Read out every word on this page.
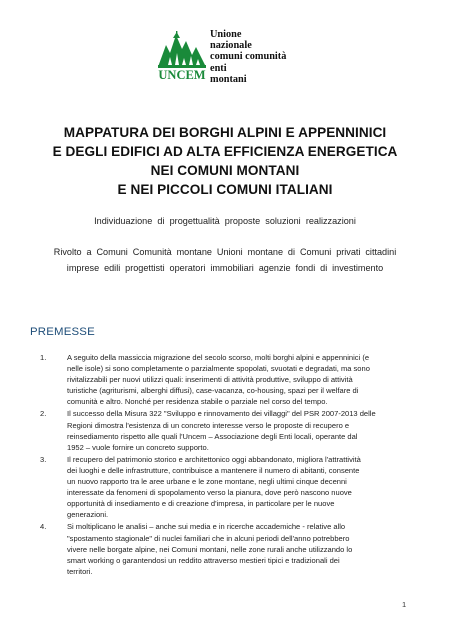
UNCEM
Unione
nazionale
comuni comunità
enti
montani
MAPPATURA DEI BORGHI ALPINI E APPENNINICI
E DEGLI EDIFICI AD ALTA EFFICIENZA ENERGETICA
NEI COMUNI MONTANI
E NEI PICCOLI COMUNI ITALIANI
Individuazione di progettualità proposte soluzioni realizzazioni
Rivolto a Comuni Comunità montane Unioni montane di Comuni privati cittadini
imprese edili progettisti operatori immobiliari agenzie fondi di investimento
PREMESSE
1.	A seguito della massiccia migrazione del secolo scorso, molti borghi alpini e appenninici (e
nelle isole) si sono completamente o parzialmente spopolati, svuotati e degradati, ma sono
rivitalizzabili per nuovi utilizzi quali: inserimenti di attività produttive, sviluppo di attività
turistiche (agriturismi, alberghi diffusi), case-vacanza, co-housing, spazi per il welfare di
comunità e altro. Nonché per residenza stabile o parziale nel corso del tempo.
2.	Il successo della Misura 322 "Sviluppo e rinnovamento dei villaggi" del PSR 2007-2013 delle
Regioni dimostra l'esistenza di un concreto interesse verso le proposte di recupero e
reinsediamento rispetto alle quali l'Uncem – Associazione degli Enti locali, operante dal
1952 – vuole fornire un concreto supporto.
3.	Il recupero del patrimonio storico e architettonico oggi abbandonato, migliora l'attrattività
dei luoghi e delle infrastrutture, contribuisce a mantenere il numero di abitanti, consente
un nuovo rapporto tra le aree urbane e le zone montane, negli ultimi cinque decenni
interessate da fenomeni di spopolamento verso la pianura, dove però nascono nuove
opportunità di insediamento e di creazione d'impresa, in particolare per le nuove
generazioni.
4.	Si moltiplicano le analisi – anche sui media e in ricerche accademiche - relative allo
"spostamento stagionale" di nuclei familiari che in alcuni periodi dell'anno potrebbero
vivere nelle borgate alpine, nei Comuni montani, nelle zone rurali anche utilizzando lo
smart working o garantendosi un reddito attraverso mestieri tipici e tradizionali dei
territori.
1
